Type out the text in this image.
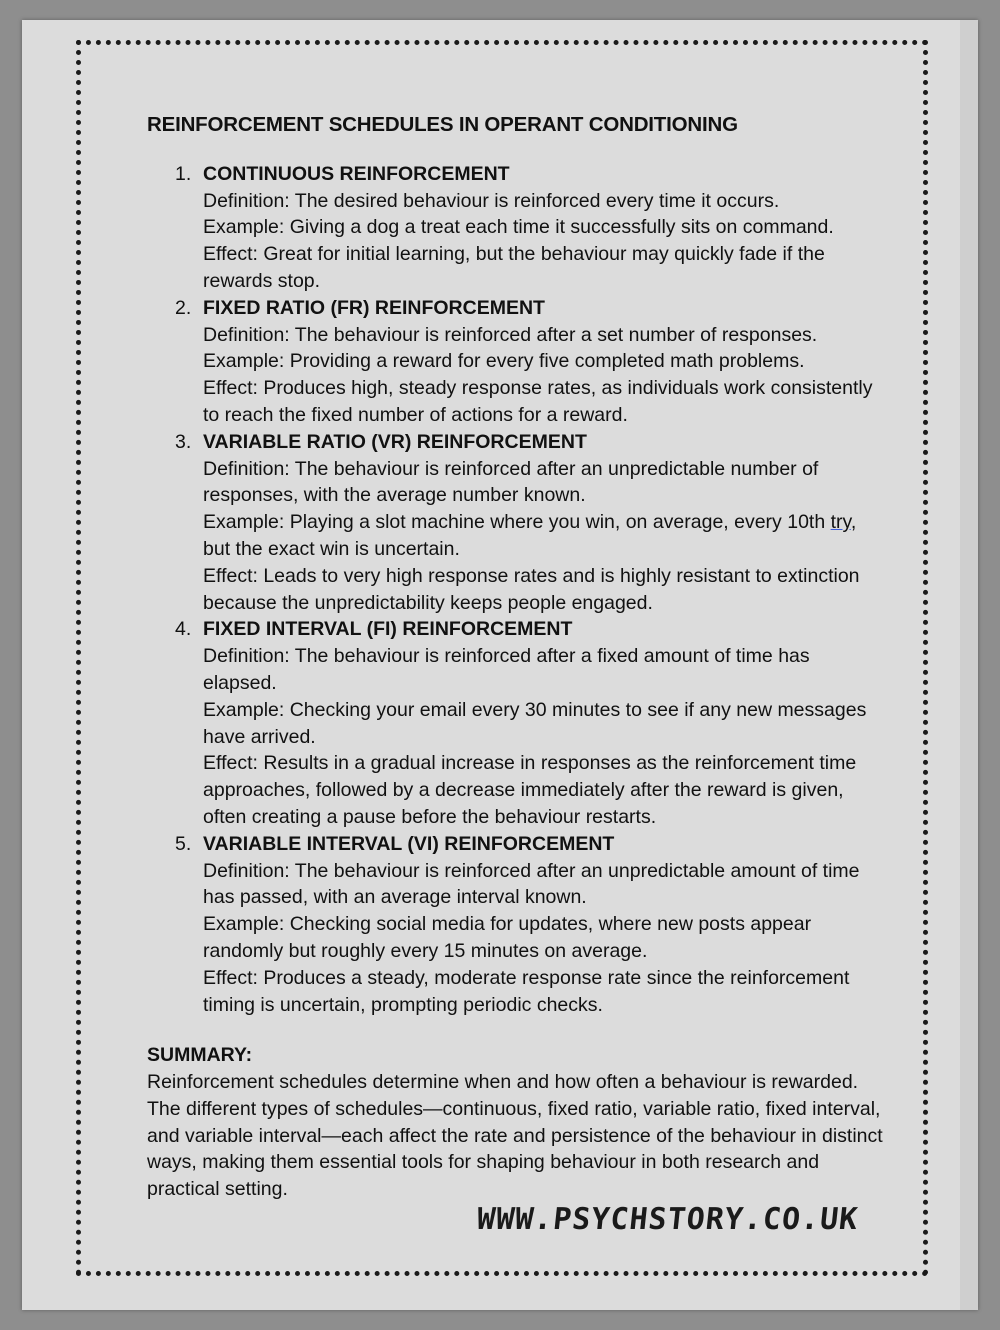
REINFORCEMENT SCHEDULES IN OPERANT CONDITIONING
1. CONTINUOUS REINFORCEMENT
Definition: The desired behaviour is reinforced every time it occurs.
Example: Giving a dog a treat each time it successfully sits on command.
Effect: Great for initial learning, but the behaviour may quickly fade if the rewards stop.
2. FIXED RATIO (FR) REINFORCEMENT
Definition: The behaviour is reinforced after a set number of responses.
Example: Providing a reward for every five completed math problems.
Effect: Produces high, steady response rates, as individuals work consistently to reach the fixed number of actions for a reward.
3. VARIABLE RATIO (VR) REINFORCEMENT
Definition: The behaviour is reinforced after an unpredictable number of responses, with the average number known.
Example: Playing a slot machine where you win, on average, every 10th try, but the exact win is uncertain.
Effect: Leads to very high response rates and is highly resistant to extinction because the unpredictability keeps people engaged.
4. FIXED INTERVAL (FI) REINFORCEMENT
Definition: The behaviour is reinforced after a fixed amount of time has elapsed.
Example: Checking your email every 30 minutes to see if any new messages have arrived.
Effect: Results in a gradual increase in responses as the reinforcement time approaches, followed by a decrease immediately after the reward is given, often creating a pause before the behaviour restarts.
5. VARIABLE INTERVAL (VI) REINFORCEMENT
Definition: The behaviour is reinforced after an unpredictable amount of time has passed, with an average interval known.
Example: Checking social media for updates, where new posts appear randomly but roughly every 15 minutes on average.
Effect: Produces a steady, moderate response rate since the reinforcement timing is uncertain, prompting periodic checks.
SUMMARY:
Reinforcement schedules determine when and how often a behaviour is rewarded. The different types of schedules—continuous, fixed ratio, variable ratio, fixed interval, and variable interval—each affect the rate and persistence of the behaviour in distinct ways, making them essential tools for shaping behaviour in both research and practical setting.
WWW.PSYCHSTORY.CO.UK
